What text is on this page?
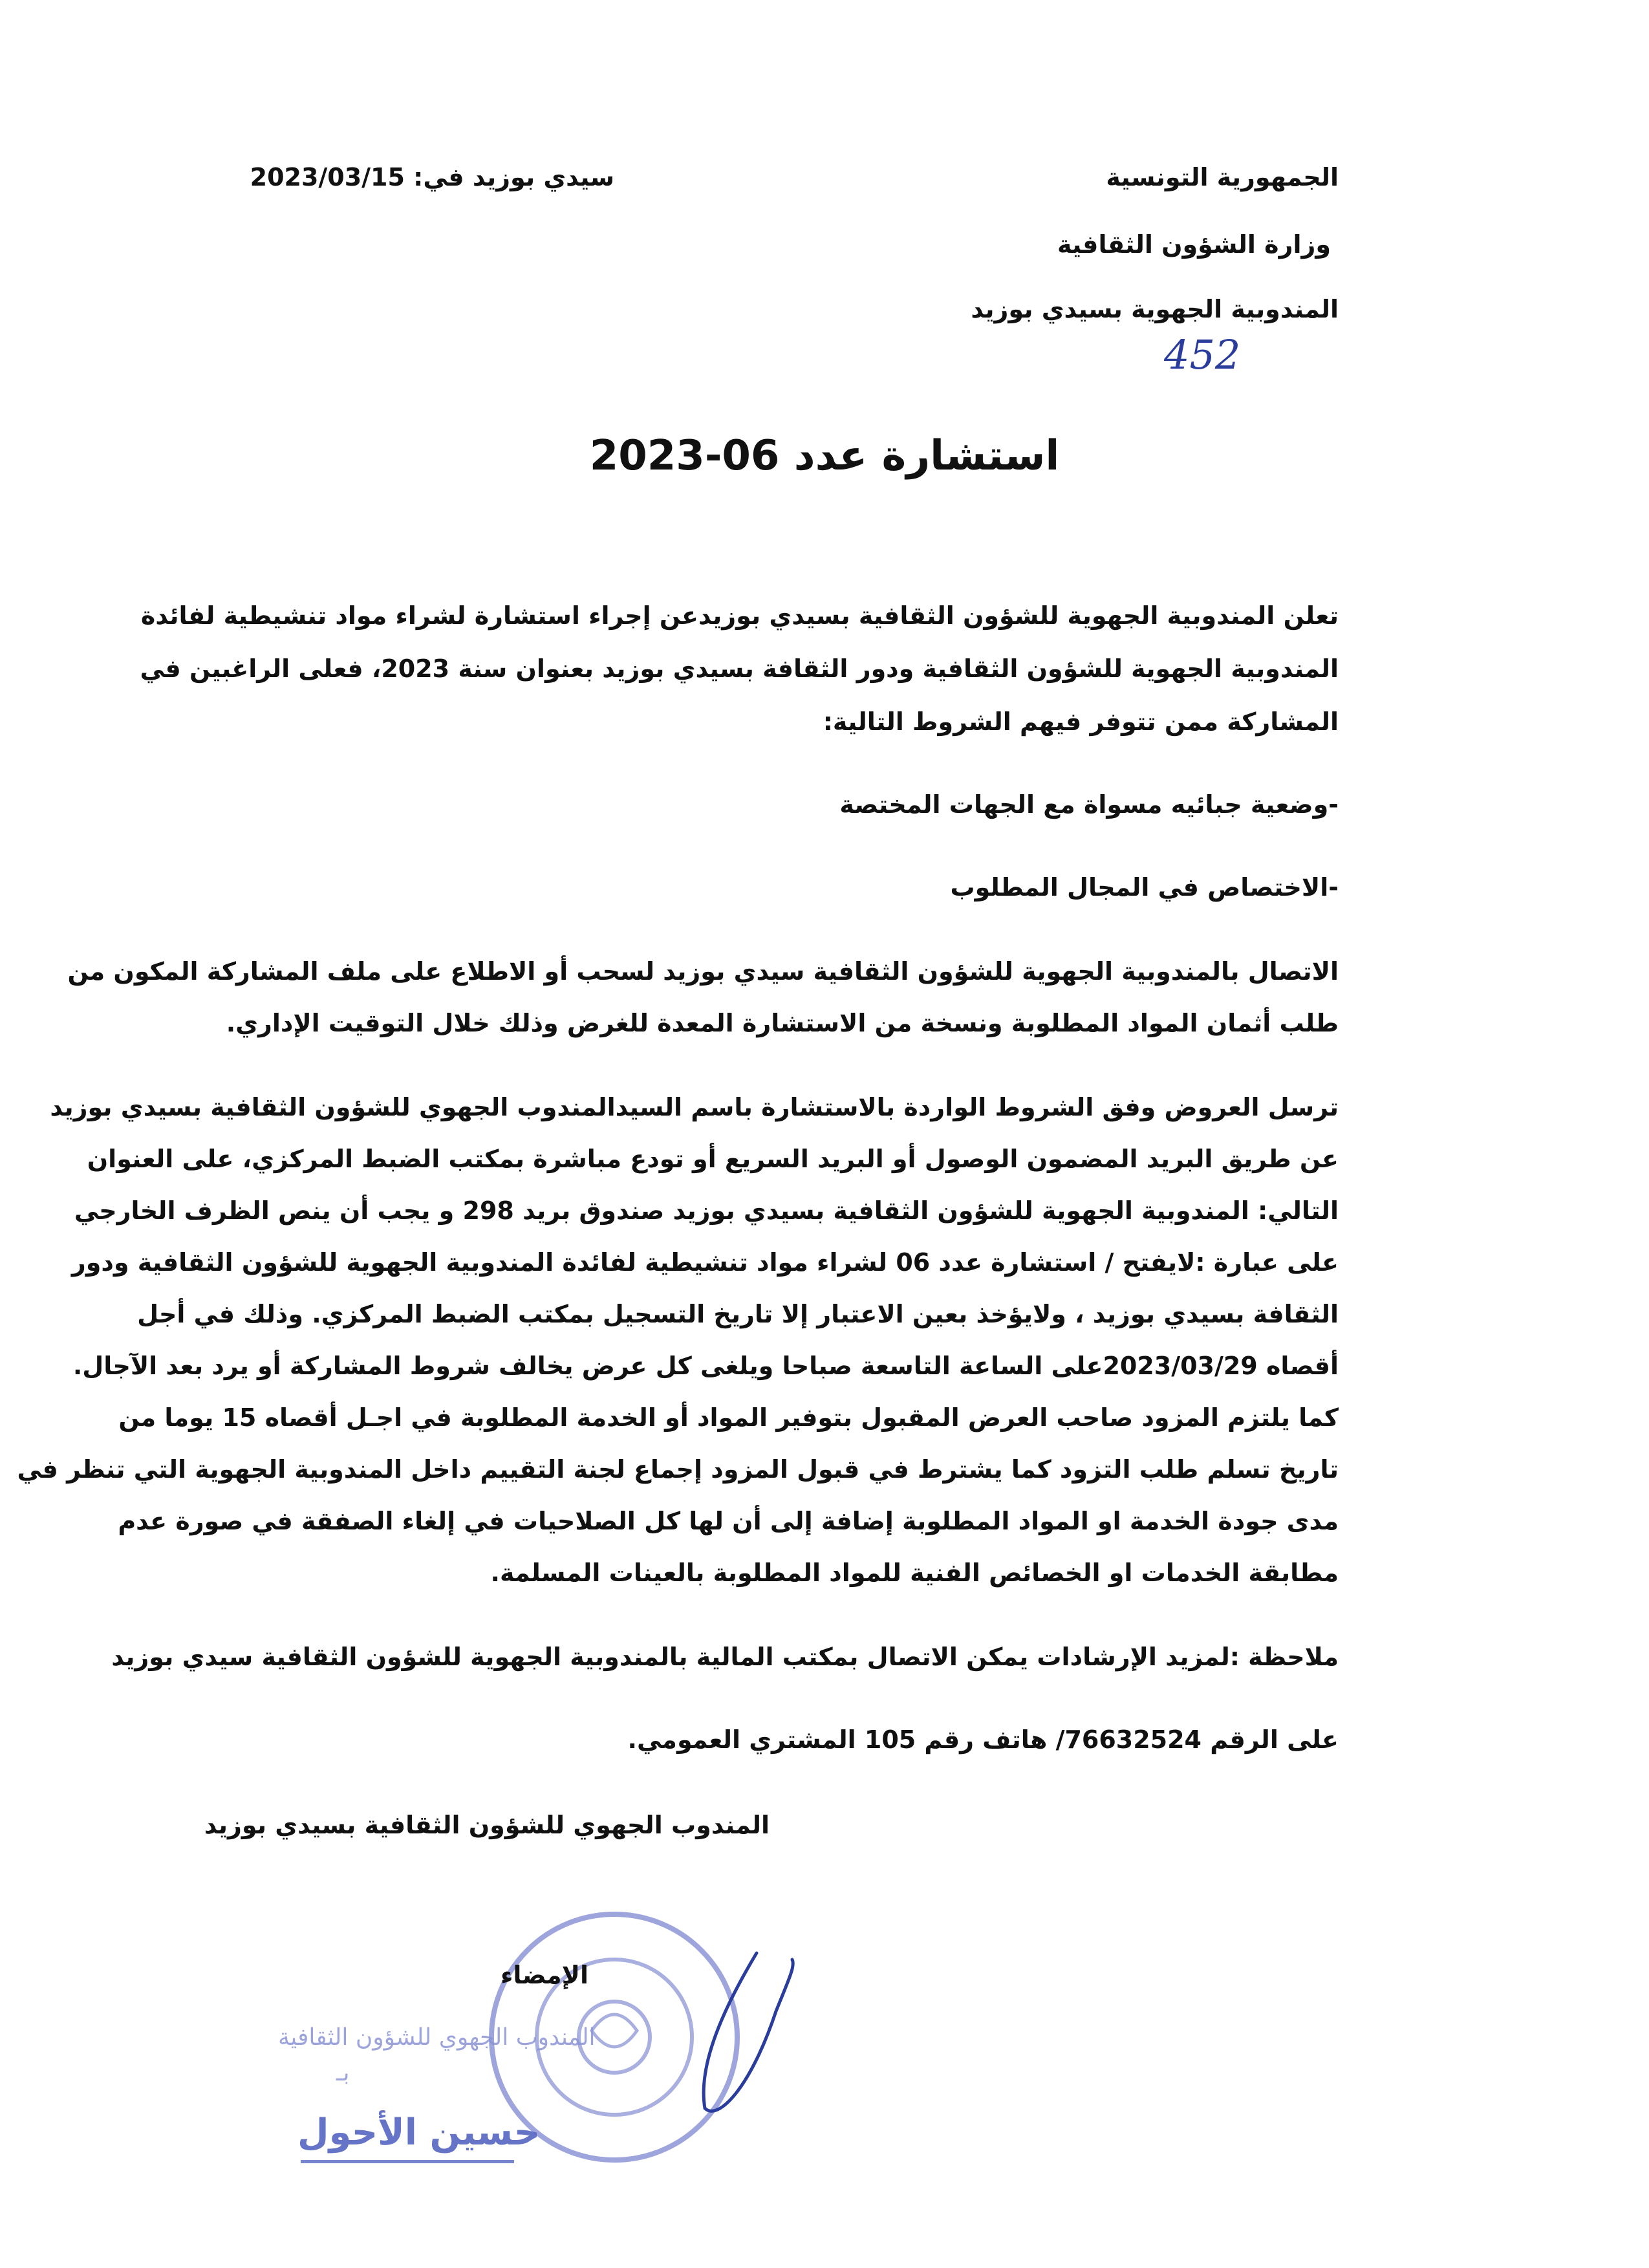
الجمهورية التونسية
وزارة الشؤون الثقافية
المندوبية الجهوية بسيدي بوزيد
سيدي بوزيد في: 2023/03/15
452
استشارة عدد 06-2023
تعلن المندوبية الجهوية للشؤون الثقافية بسيدي بوزيدعن إجراء استشارة لشراء مواد تنشيطية لفائدة
المندوبية الجهوية للشؤون الثقافية ودور الثقافة بسيدي بوزيد بعنوان سنة 2023، فعلى الراغبين في
المشاركة ممن تتوفر فيهم الشروط التالية:
-وضعية جبائيه مسواة مع الجهات المختصة
-الاختصاص في المجال المطلوب
الاتصال بالمندوبية الجهوية للشؤون الثقافية سيدي بوزيد لسحب أو الاطلاع على ملف المشاركة المكون من
طلب أثمان المواد المطلوبة ونسخة من الاستشارة المعدة للغرض وذلك خلال التوقيت الإداري.
ترسل العروض وفق الشروط الواردة بالاستشارة باسم السيدالمندوب الجهوي للشؤون الثقافية بسيدي بوزيد
عن طريق البريد المضمون الوصول أو البريد السريع أو تودع مباشرة بمكتب الضبط المركزي، على العنوان
التالي: المندوبية الجهوية للشؤون الثقافية بسيدي بوزيد صندوق بريد 298 و يجب أن ينص الظرف الخارجي
على عبارة :لايفتح / استشارة عدد 06 لشراء مواد تنشيطية لفائدة المندوبية الجهوية للشؤون الثقافية ودور
الثقافة بسيدي بوزيد ، ولايؤخذ بعين الاعتبار إلا تاريخ التسجيل بمكتب الضبط المركزي. وذلك في أجل
أقصاه 2023/03/29على الساعة التاسعة صباحا ويلغى كل عرض يخالف شروط المشاركة أو يرد بعد الآجال.
كما يلتزم المزود صاحب العرض المقبول بتوفير المواد أو الخدمة المطلوبة في اجـل أقصاه 15 يوما من
تاريخ تسلم طلب التزود كما يشترط في قبول المزود إجماع لجنة التقييم داخل المندوبية الجهوية التي تنظر في
مدى جودة الخدمة او المواد المطلوبة إضافة إلى أن لها كل الصلاحيات في إلغاء الصفقة في صورة عدم
مطابقة الخدمات او الخصائص الفنية للمواد المطلوبة بالعينات المسلمة.
ملاحظة :لمزيد الإرشادات يمكن الاتصال بمكتب المالية بالمندوبية الجهوية للشؤون الثقافية سيدي بوزيد
على الرقم 76632524/ هاتف رقم 105 المشتري العمومي.
المندوب الجهوي للشؤون الثقافية بسيدي بوزيد
الإمضاء
المندوب الجهوي للشؤون الثقافية
بـ
حسين الأحول
